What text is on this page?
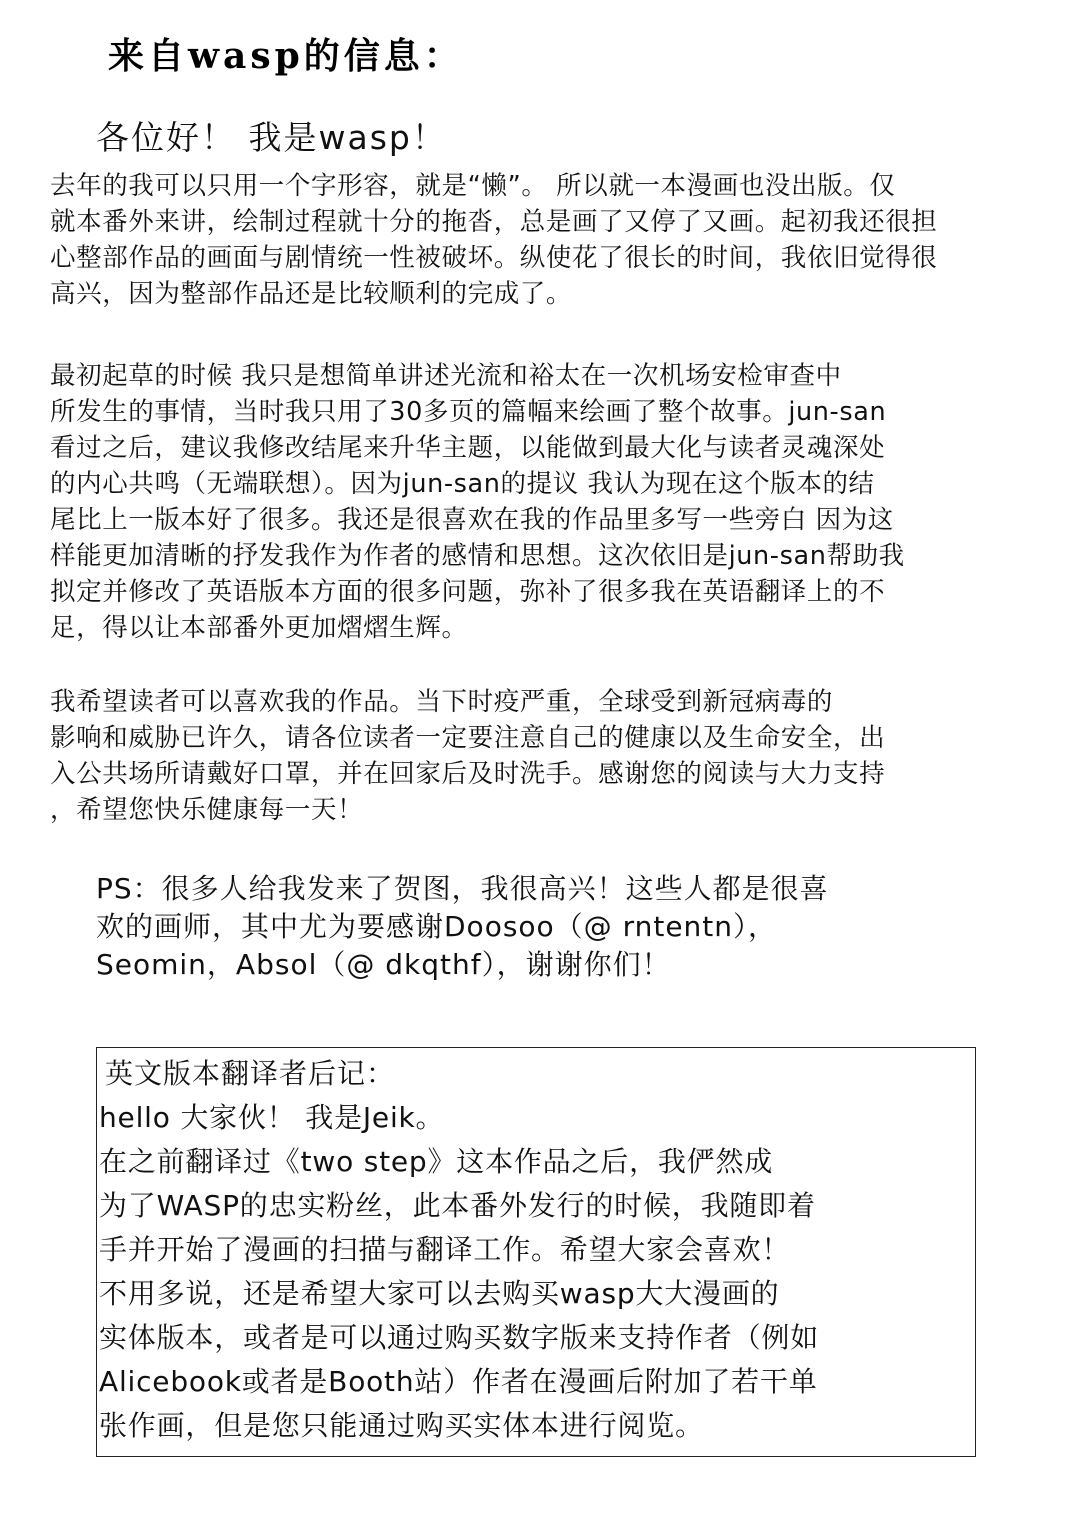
来自wasp的信息：
各位好！ 我是wasp！

去年的我可以只用一个字形容，就是“懒”。 所以就一本漫画也没出版。仅
就本番外来讲，绘制过程就十分的拖沓，总是画了又停了又画。起初我还很担
心整部作品的画面与剧情统一性被破坏。纵使花了很长的时间，我依旧觉得很
高兴，因为整部作品还是比较顺利的完成了。

最初起草的时候 我只是想简单讲述光流和裕太在一次机场安检审查中
所发生的事情，当时我只用了30多页的篇幅来绘画了整个故事。jun-san
看过之后，建议我修改结尾来升华主题，以能做到最大化与读者灵魂深处
的内心共鸣（无端联想）。因为jun-san的提议 我认为现在这个版本的结
尾比上一版本好了很多。我还是很喜欢在我的作品里多写一些旁白 因为这
样能更加清晰的抒发我作为作者的感情和思想。这次依旧是jun-san帮助我
拟定并修改了英语版本方面的很多问题，弥补了很多我在英语翻译上的不
足，得以让本部番外更加熠熠生辉。

我希望读者可以喜欢我的作品。当下时疫严重，全球受到新冠病毒的
影响和威胁已许久，请各位读者一定要注意自己的健康以及生命安全，出
入公共场所请戴好口罩，并在回家后及时洗手。感谢您的阅读与大力支持
，希望您快乐健康每一天！

PS：很多人给我发来了贺图，我很高兴！这些人都是很喜
欢的画师，其中尤为要感谢Doosoo（@ rntentn），
Seomin，Absol（@ dkqthf），谢谢你们！

英文版本翻译者后记：

hello 大家伙！ 我是Jeik。
在之前翻译过《two step》这本作品之后，我俨然成
为了WASP的忠实粉丝，此本番外发行的时候，我随即着
手并开始了漫画的扫描与翻译工作。希望大家会喜欢！
不用多说，还是希望大家可以去购买wasp大大漫画的
实体版本，或者是可以通过购买数字版来支持作者（例如
Alicebook或者是Booth站）作者在漫画后附加了若干单
张作画，但是您只能通过购买实体本进行阅览。
